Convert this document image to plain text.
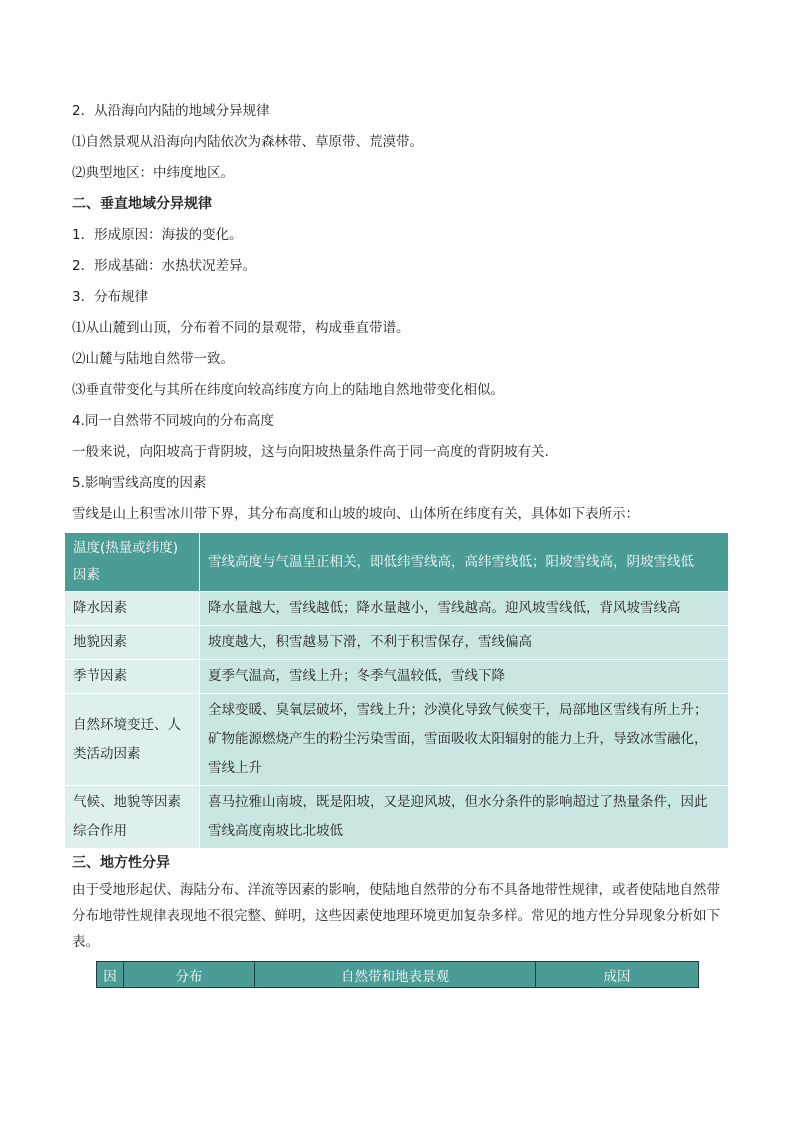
2．从沿海向内陆的地域分异规律
⑴自然景观从沿海向内陆依次为森林带、草原带、荒漠带。
⑵典型地区：中纬度地区。
二、垂直地域分异规律
1．形成原因：海拔的变化。
2．形成基础：水热状况差异。
3．分布规律
⑴从山麓到山顶，分布着不同的景观带，构成垂直带谱。
⑵山麓与陆地自然带一致。
⑶垂直带变化与其所在纬度向较高纬度方向上的陆地自然地带变化相似。
4.同一自然带不同坡向的分布高度
一般来说，向阳坡高于背阴坡，这与向阳坡热量条件高于同一高度的背阴坡有关.
5.影响雪线高度的因素
雪线是山上积雪冰川带下界，其分布高度和山坡的坡向、山体所在纬度有关，具体如下表所示：
温度(热量或纬度)因素	雪线高度与气温呈正相关，即低纬雪线高，高纬雪线低；阳坡雪线高，阴坡雪线低
降水因素	降水量越大，雪线越低；降水量越小，雪线越高。迎风坡雪线低，背风坡雪线高
地貌因素	坡度越大，积雪越易下滑，不利于积雪保存，雪线偏高
季节因素	夏季气温高，雪线上升；冬季气温较低，雪线下降
自然环境变迁、人类活动因素	全球变暖、臭氧层破坏，雪线上升；沙漠化导致气候变干，局部地区雪线有所上升；矿物能源燃烧产生的粉尘污染雪面，雪面吸收太阳辐射的能力上升，导致冰雪融化，雪线上升
气候、地貌等因素综合作用	喜马拉雅山南坡，既是阳坡，又是迎风坡，但水分条件的影响超过了热量条件，因此雪线高度南坡比北坡低
三、地方性分异
由于受地形起伏、海陆分布、洋流等因素的影响，使陆地自然带的分布不具备地带性规律，或者使陆地自然带分布地带性规律表现地不很完整、鲜明，这些因素使地理环境更加复杂多样。常见的地方性分异现象分析如下表。
因	分布	自然带和地表景观	成因
